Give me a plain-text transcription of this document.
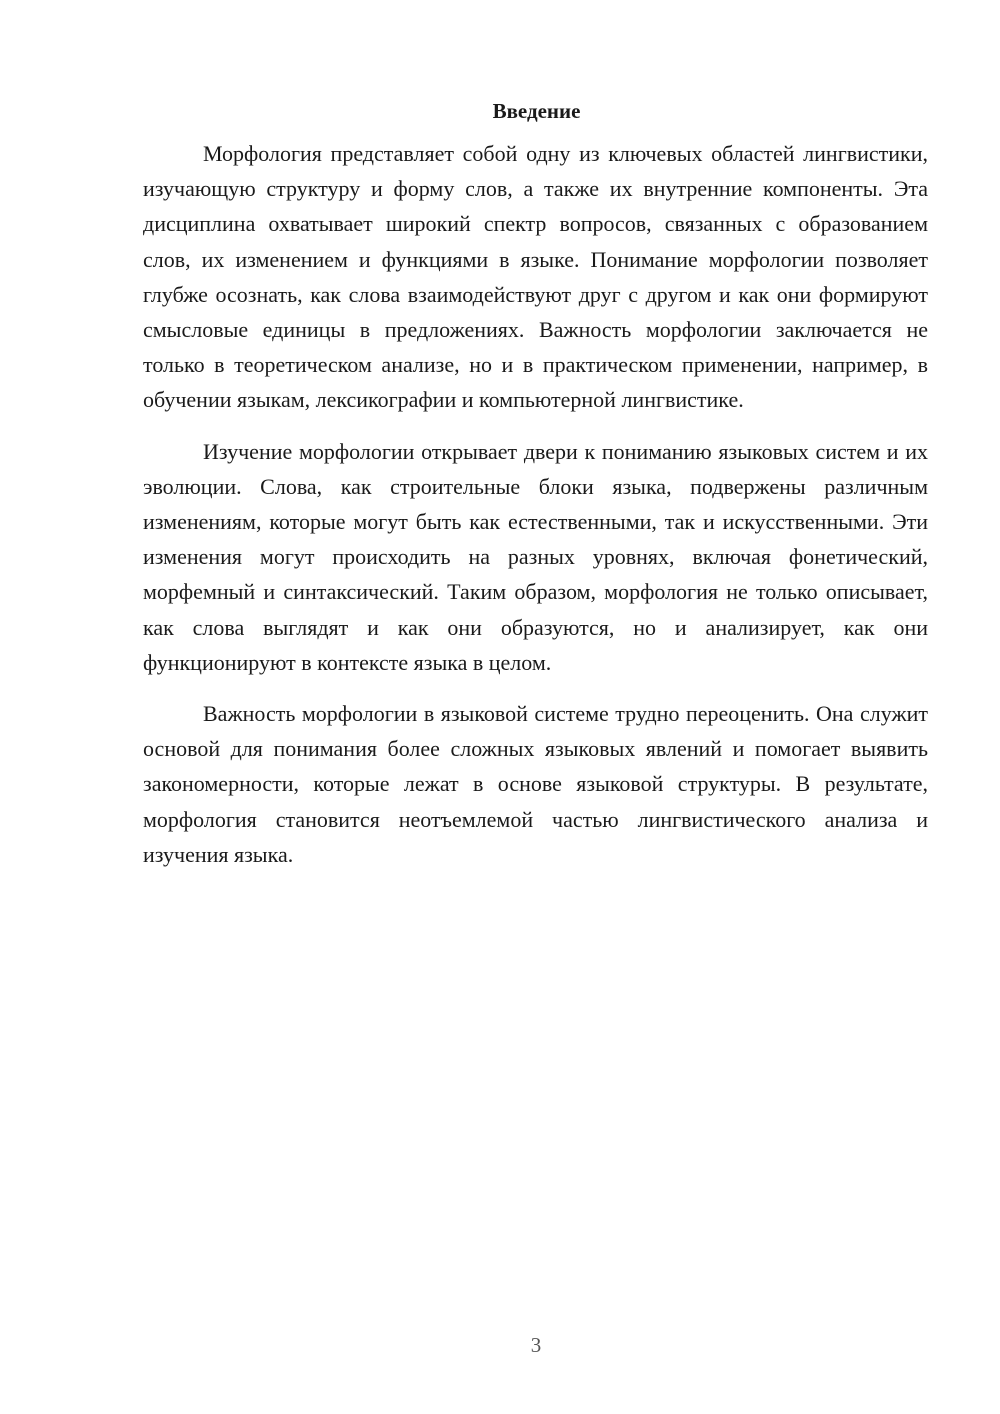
Введение

Морфология представляет собой одну из ключевых областей лингвистики, изучающую структуру и форму слов, а также их внутренние компоненты. Эта дисциплина охватывает широкий спектр вопросов, связанных с образованием слов, их изменением и функциями в языке. Понимание морфологии позволяет глубже осознать, как слова взаимодействуют друг с другом и как они формируют смысловые единицы в предложениях. Важность морфологии заключается не только в теоретическом анализе, но и в практическом применении, например, в обучении языкам, лексикографии и компьютерной лингвистике.

Изучение морфологии открывает двери к пониманию языковых систем и их эволюции. Слова, как строительные блоки языка, подвержены различным изменениям, которые могут быть как естественными, так и искусственными. Эти изменения могут происходить на разных уровнях, включая фонетический, морфемный и синтаксический. Таким образом, морфология не только описывает, как слова выглядят и как они образуются, но и анализирует, как они функционируют в контексте языка в целом.

Важность морфологии в языковой системе трудно переоценить. Она служит основой для понимания более сложных языковых явлений и помогает выявить закономерности, которые лежат в основе языковой структуры. В результате, морфология становится неотъемлемой частью лингвистического анализа и изучения языка.

3
